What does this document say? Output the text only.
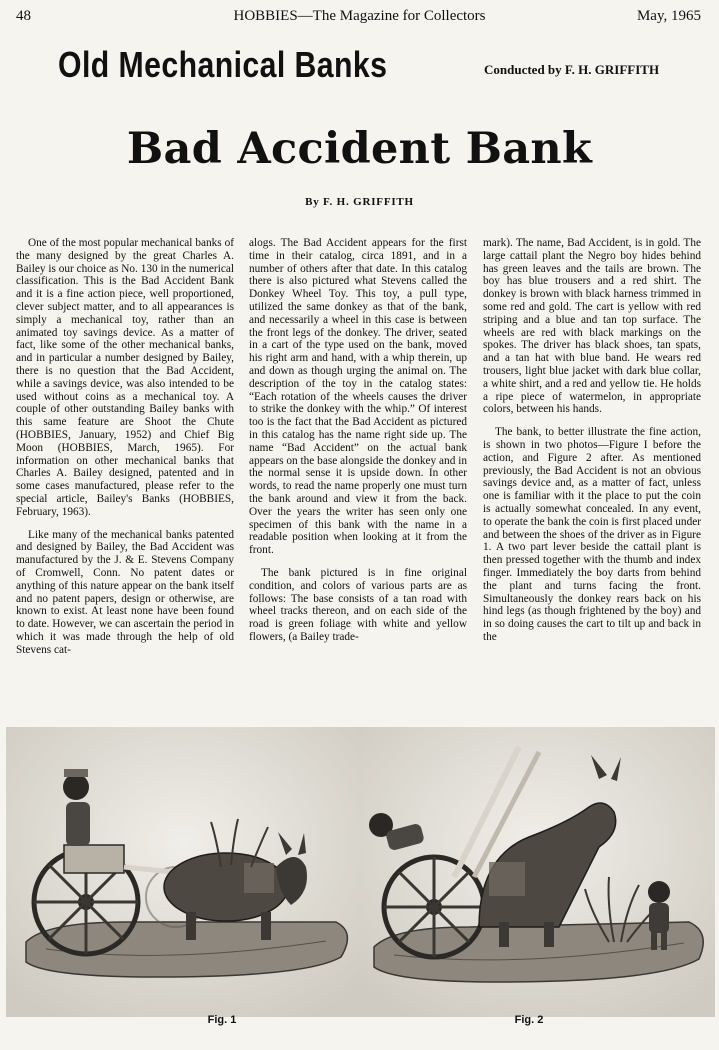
48	HOBBIES—The Magazine for Collectors	May, 1965
Old Mechanical Banks	Conducted by F. H. GRIFFITH
Bad Accident Bank
By F. H. GRIFFITH

One of the most popular mechanical banks of the many designed by the great Charles A. Bailey is our choice as No. 130 in the numerical classification. This is the Bad Accident Bank and it is a fine action piece, well proportioned, clever subject matter, and to all appearances is simply a mechanical toy, rather than an animated toy savings device. As a matter of fact, like some of the other mechanical banks, and in particular a number designed by Bailey, there is no question that the Bad Accident, while a savings device, was also intended to be used without coins as a mechanical toy. A couple of other outstanding Bailey banks with this same feature are Shoot the Chute (HOBBIES, January, 1952) and Chief Big Moon (HOBBIES, March, 1965). For information on other mechanical banks that Charles A. Bailey designed, patented and in some cases manufactured, please refer to the special article, Bailey's Banks (HOBBIES, February, 1963).

Like many of the mechanical banks patented and designed by Bailey, the Bad Accident was manufactured by the J. & E. Stevens Company of Cromwell, Conn. No patent dates or anything of this nature appear on the bank itself and no patent papers, design or otherwise, are known to exist. At least none have been found to date. However, we can ascertain the period in which it was made through the help of old Stevens cat-

alogs. The Bad Accident appears for the first time in their catalog, circa 1891, and in a number of others after that date. In this catalog there is also pictured what Stevens called the Donkey Wheel Toy. This toy, a pull type, utilized the same donkey as that of the bank, and necessarily a wheel in this case is between the front legs of the donkey. The driver, seated in a cart of the type used on the bank, moved his right arm and hand, with a whip therein, up and down as though urging the animal on. The description of the toy in the catalog states: “Each rotation of the wheels causes the driver to strike the donkey with the whip.” Of interest too is the fact that the Bad Accident as pictured in this catalog has the name right side up. The name “Bad Accident” on the actual bank appears on the base alongside the donkey and in the normal sense it is upside down. In other words, to read the name properly one must turn the bank around and view it from the back. Over the years the writer has seen only one specimen of this bank with the name in a readable position when looking at it from the front.

The bank pictured is in fine original condition, and colors of various parts are as follows: The base consists of a tan road with wheel tracks thereon, and on each side of the road is green foliage with white and yellow flowers, (a Bailey trade-

mark). The name, Bad Accident, is in gold. The large cattail plant the Negro boy hides behind has green leaves and the tails are brown. The boy has blue trousers and a red shirt. The donkey is brown with black harness trimmed in some red and gold. The cart is yellow with red striping and a blue and tan top surface. The wheels are red with black markings on the spokes. The driver has black shoes, tan spats, and a tan hat with blue band. He wears red trousers, light blue jacket with dark blue collar, a white shirt, and a red and yellow tie. He holds a ripe piece of watermelon, in appropriate colors, between his hands.

The bank, to better illustrate the fine action, is shown in two photos—Figure I before the action, and Figure 2 after. As mentioned previously, the Bad Accident is not an obvious savings device and, as a matter of fact, unless one is familiar with it the place to put the coin is actually somewhat concealed. In any event, to operate the bank the coin is first placed under and between the shoes of the driver as in Figure 1. A two part lever beside the cattail plant is then pressed together with the thumb and index finger. Immediately the boy darts from behind the plant and turns facing the front. Simultaneously the donkey rears back on his hind legs (as though frightened by the boy) and in so doing causes the cart to tilt up and back in the

Fig. 1	Fig. 2
